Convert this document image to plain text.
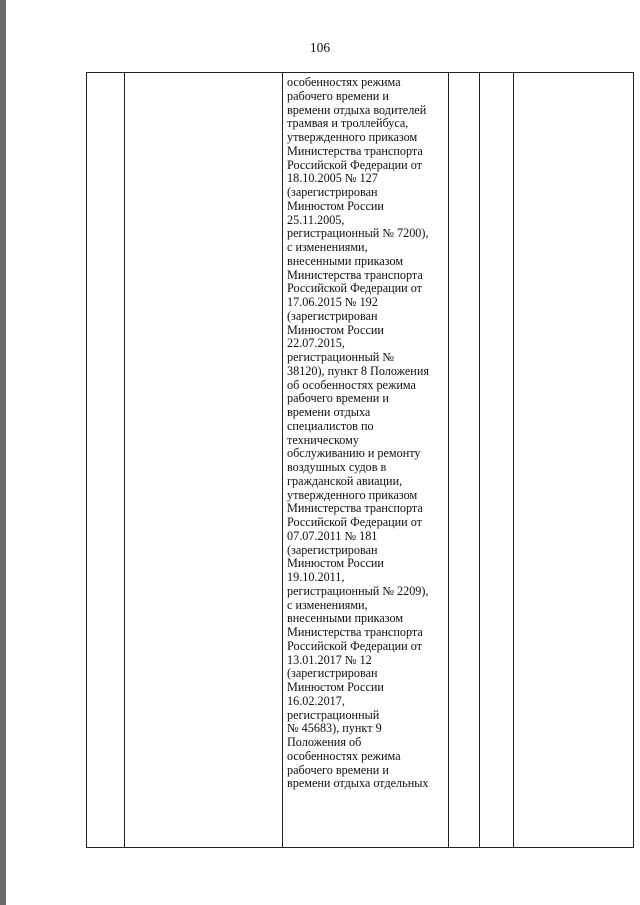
106
особенностях режима
рабочего времени и
времени отдыха водителей
трамвая и троллейбуса,
утвержденного приказом
Министерства транспорта
Российской Федерации от
18.10.2005 № 127
(зарегистрирован
Минюстом России
25.11.2005,
регистрационный № 7200),
с изменениями,
внесенными приказом
Министерства транспорта
Российской Федерации от
17.06.2015 № 192
(зарегистрирован
Минюстом России
22.07.2015,
регистрационный №
38120), пункт 8 Положения
об особенностях режима
рабочего времени и
времени отдыха
специалистов по
техническому
обслуживанию и ремонту
воздушных судов в
гражданской авиации,
утвержденного приказом
Министерства транспорта
Российской Федерации от
07.07.2011 № 181
(зарегистрирован
Минюстом России
19.10.2011,
регистрационный № 2209),
с изменениями,
внесенными приказом
Министерства транспорта
Российской Федерации от
13.01.2017 № 12
(зарегистрирован
Минюстом России
16.02.2017,
регистрационный
№ 45683), пункт 9
Положения об
особенностях режима
рабочего времени и
времени отдыха отдельных
